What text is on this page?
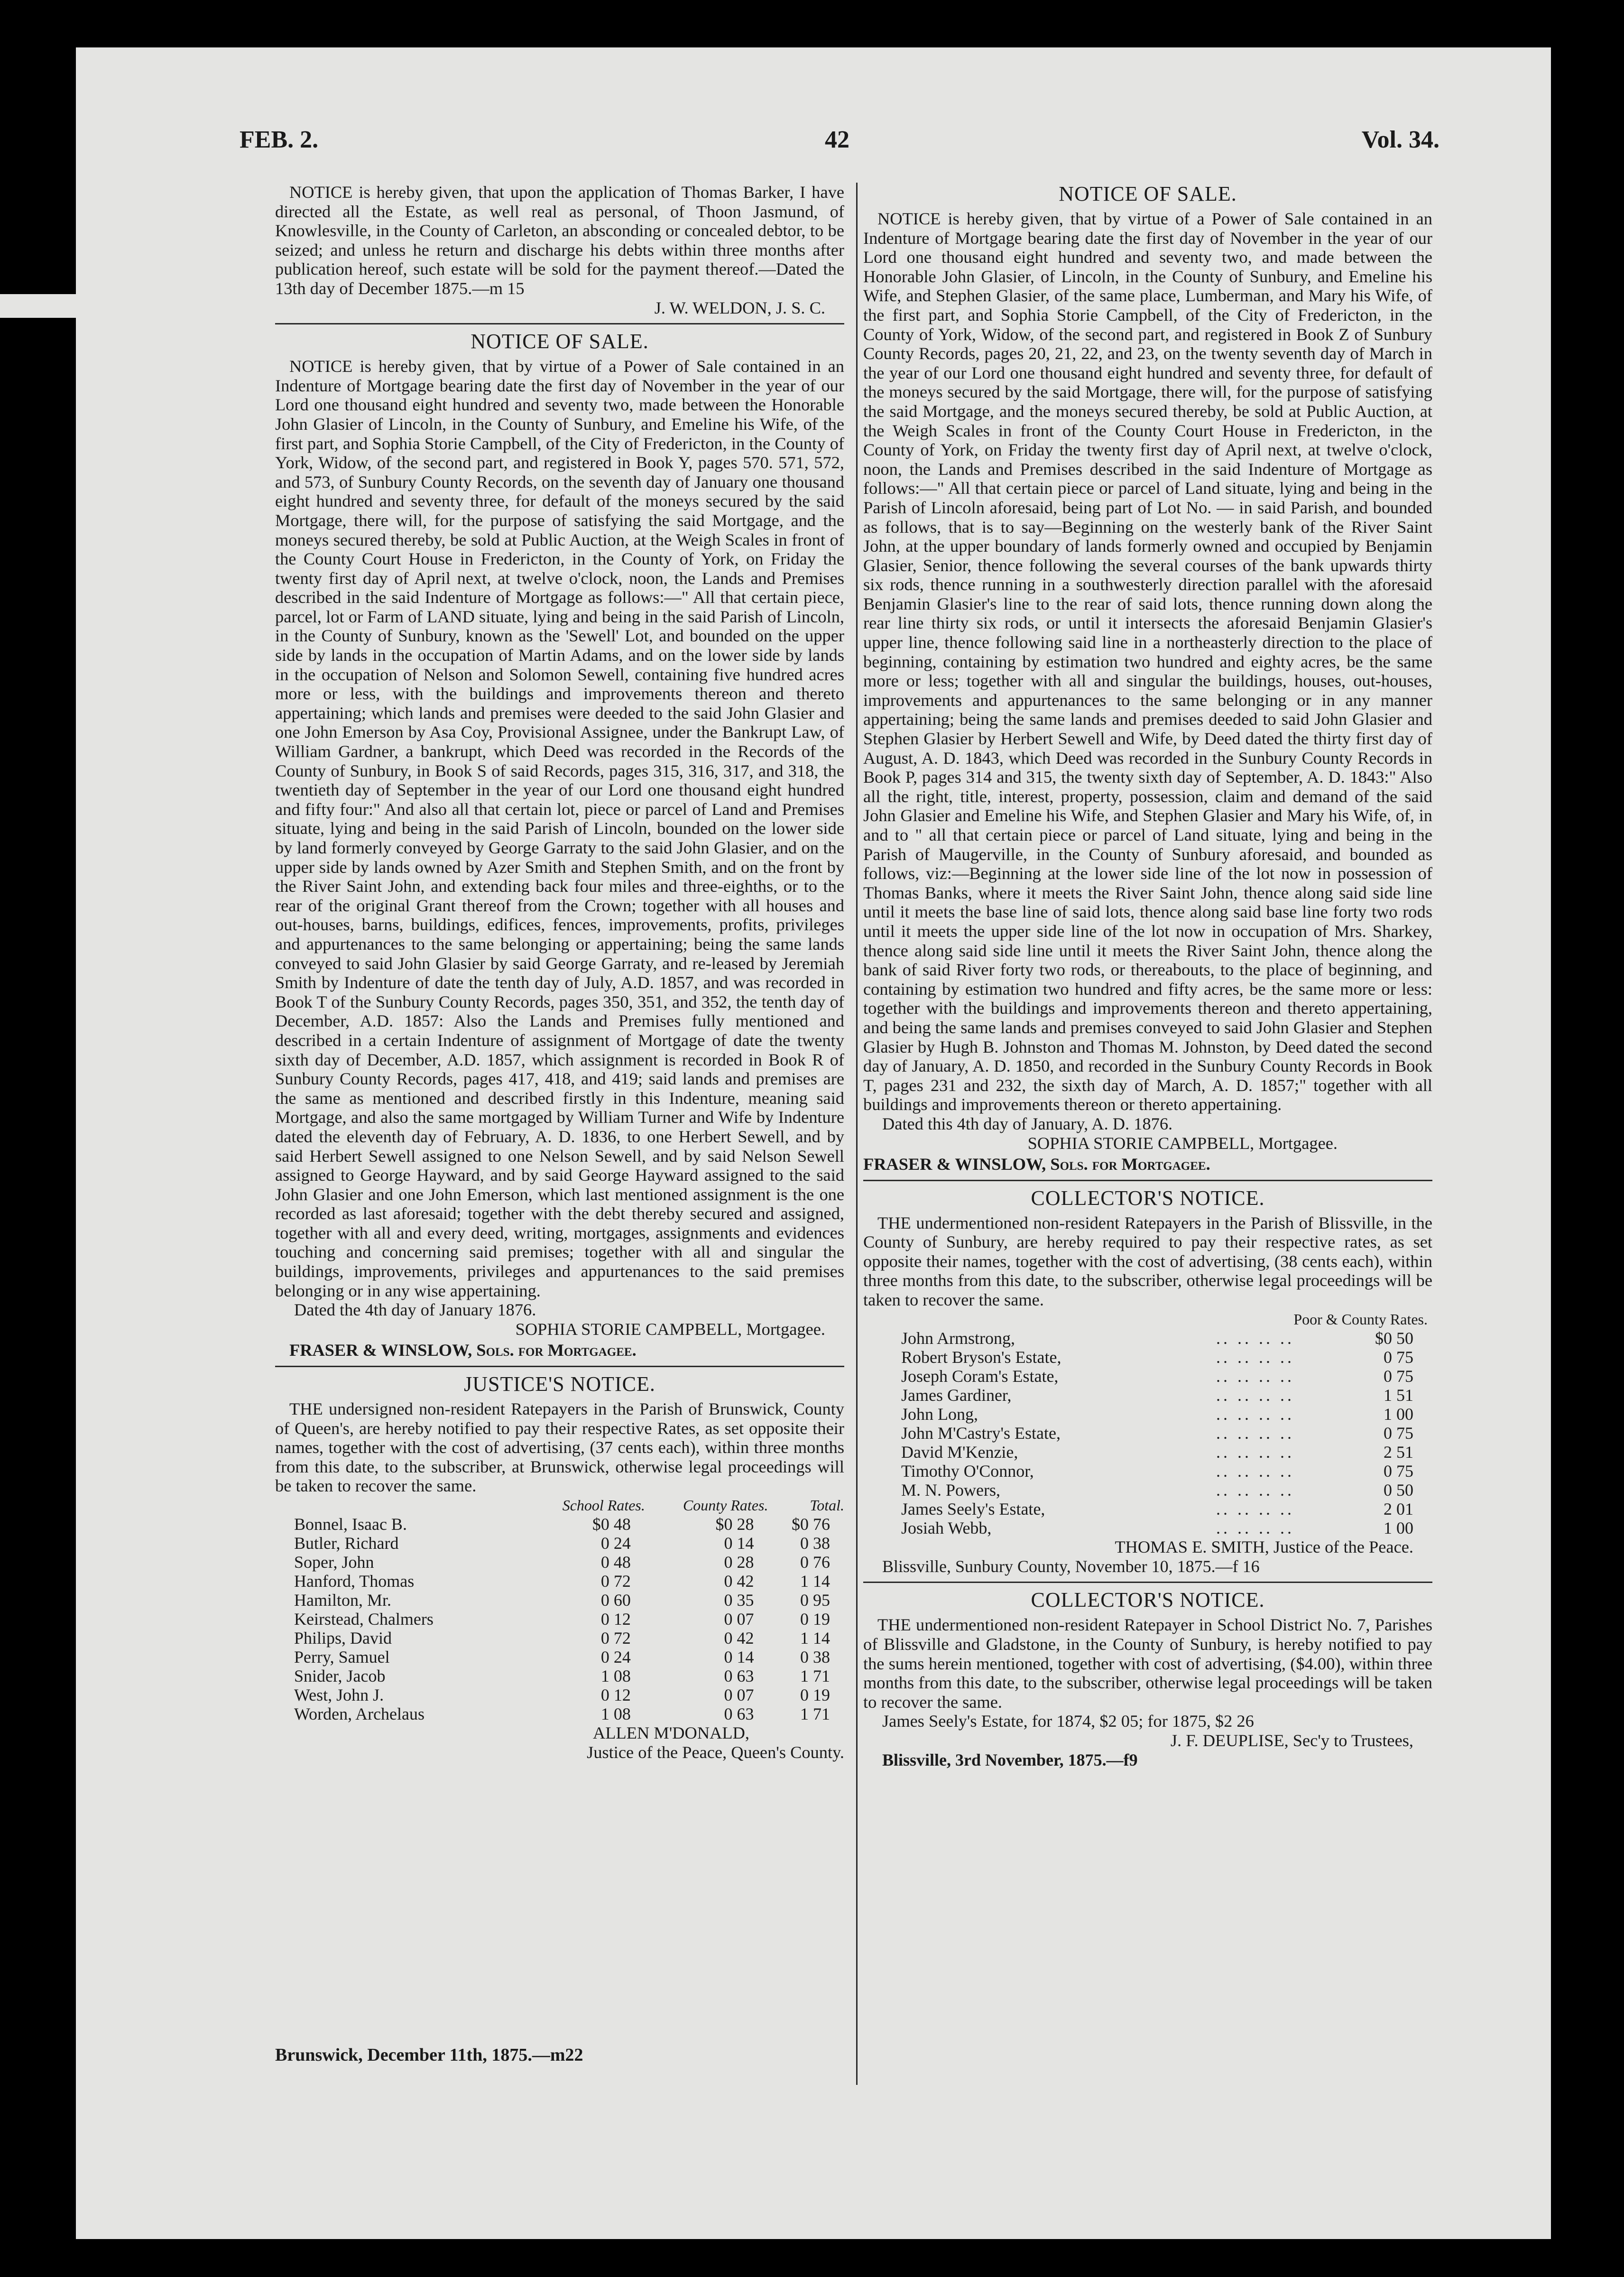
FEB. 2.	42	Vol. 34.

NOTICE is hereby given, that upon the application of Thomas Barker, I have directed all the Estate, as well real as personal, of Thoon Jasmund, of Knowlesville, in the County of Carleton, an absconding or concealed debtor, to be seized; and unless he return and discharge his debts within three months after publication hereof, such estate will be sold for the payment thereof.—Dated the 13th day of December 1875.—m 15

J. W. WELDON, J. S. C.

NOTICE OF SALE.

NOTICE is hereby given, that by virtue of a Power of Sale contained in an Indenture of Mortgage bearing date the first day of November in the year of our Lord one thousand eight hundred and seventy two, made between the Honorable John Glasier of Lincoln, in the County of Sunbury, and Emeline his Wife, of the first part, and Sophia Storie Campbell, of the City of Fredericton, in the County of York, Widow, of the second part, and registered in Book Y, pages 570. 571, 572, and 573, of Sunbury County Records, on the seventh day of January one thousand eight hundred and seventy three, for default of the moneys secured by the said Mortgage, there will, for the purpose of satisfying the said Mortgage, and the moneys secured thereby, be sold at Public Auction, at the Weigh Scales in front of the County Court House in Fredericton, in the County of York, on Friday the twenty first day of April next, at twelve o'clock, noon, the Lands and Premises described in the said Indenture of Mortgage as follows:—" All that certain piece, parcel, lot or Farm of LAND situate, lying and being in the said Parish of Lincoln, in the County of Sunbury, known as the 'Sewell' Lot, and bounded on the upper side by lands in the occupation of Martin Adams, and on the lower side by lands in the occupation of Nelson and Solomon Sewell, containing five hundred acres more or less, with the buildings and improvements thereon and thereto appertaining; which lands and premises were deeded to the said John Glasier and one John Emerson by Asa Coy, Provisional Assignee, under the Bankrupt Law, of William Gardner, a bankrupt, which Deed was recorded in the Records of the County of Sunbury, in Book S of said Records, pages 315, 316, 317, and 318, the twentieth day of September in the year of our Lord one thousand eight hundred and fifty four:" And also all that certain lot, piece or parcel of Land and Premises situate, lying and being in the said Parish of Lincoln, bounded on the lower side by land formerly conveyed by George Garraty to the said John Glasier, and on the upper side by lands owned by Azer Smith and Stephen Smith, and on the front by the River Saint John, and extending back four miles and three-eighths, or to the rear of the original Grant thereof from the Crown; together with all houses and out-houses, barns, buildings, edifices, fences, improvements, profits, privileges and appurtenances to the same belonging or appertaining; being the same lands conveyed to said John Glasier by said George Garraty, and re-leased by Jeremiah Smith by Indenture of date the tenth day of July, A.D. 1857, and was recorded in Book T of the Sunbury County Records, pages 350, 351, and 352, the tenth day of December, A.D. 1857: Also the Lands and Premises fully mentioned and described in a certain Indenture of assignment of Mortgage of date the twenty sixth day of December, A.D. 1857, which assignment is recorded in Book R of Sunbury County Records, pages 417, 418, and 419; said lands and premises are the same as mentioned and described firstly in this Indenture, meaning said Mortgage, and also the same mortgaged by William Turner and Wife by Indenture dated the eleventh day of February, A. D. 1836, to one Herbert Sewell, and by said Herbert Sewell assigned to one Nelson Sewell, and by said Nelson Sewell assigned to George Hayward, and by said George Hayward assigned to the said John Glasier and one John Emerson, which last mentioned assignment is the one recorded as last aforesaid; together with the debt thereby secured and assigned, together with all and every deed, writing, mortgages, assignments and evidences touching and concerning said premises; together with all and singular the buildings, improvements, privileges and appurtenances to the said premises belonging or in any wise appertaining.

Dated the 4th day of January 1876.

SOPHIA STORIE CAMPBELL, Mortgagee.

FRASER & WINSLOW, Sols. for Mortgagee.
JUSTICE'S NOTICE.

THE undersigned non-resident Ratepayers in the Parish of Brunswick, County of Queen's, are hereby notified to pay their respective Rates, as set opposite their names, together with the cost of advertising, (37 cents each), within three months from this date, to the subscriber, at Brunswick, otherwise legal proceedings will be taken to recover the same.

	School Rates.	County Rates.	Total.
Bonnel, Isaac B.	$0 48	$0 28	$0 76
Butler, Richard	0 24	0 14	0 38
Soper, John	0 48	0 28	0 76
Hanford, Thomas	0 72	0 42	1 14
Hamilton, Mr.	0 60	0 35	0 95
Keirstead, Chalmers	0 12	0 07	0 19
Philips, David	0 72	0 42	1 14
Perry, Samuel	0 24	0 14	0 38
Snider, Jacob	1 08	0 63	1 71
West, John J.	0 12	0 07	0 19
Worden, Archelaus	1 08	0 63	1 71

ALLEN M'DONALD,

Justice of the Peace, Queen's County.

Brunswick, December 11th, 1875.—m22
NOTICE OF SALE.

NOTICE is hereby given, that by virtue of a Power of Sale contained in an Indenture of Mortgage bearing date the first day of November in the year of our Lord one thousand eight hundred and seventy two, and made between the Honorable John Glasier, of Lincoln, in the County of Sunbury, and Emeline his Wife, and Stephen Glasier, of the same place, Lumberman, and Mary his Wife, of the first part, and Sophia Storie Campbell, of the City of Fredericton, in the County of York, Widow, of the second part, and registered in Book Z of Sunbury County Records, pages 20, 21, 22, and 23, on the twenty seventh day of March in the year of our Lord one thousand eight hundred and seventy three, for default of the moneys secured by the said Mortgage, there will, for the purpose of satisfying the said Mortgage, and the moneys secured thereby, be sold at Public Auction, at the Weigh Scales in front of the County Court House in Fredericton, in the County of York, on Friday the twenty first day of April next, at twelve o'clock, noon, the Lands and Premises described in the said Indenture of Mortgage as follows:—" All that certain piece or parcel of Land situate, lying and being in the Parish of Lincoln aforesaid, being part of Lot No. — in said Parish, and bounded as follows, that is to say—Beginning on the westerly bank of the River Saint John, at the upper boundary of lands formerly owned and occupied by Benjamin Glasier, Senior, thence following the several courses of the bank upwards thirty six rods, thence running in a southwesterly direction parallel with the aforesaid Benjamin Glasier's line to the rear of said lots, thence running down along the rear line thirty six rods, or until it intersects the aforesaid Benjamin Glasier's upper line, thence following said line in a northeasterly direction to the place of beginning, containing by estimation two hundred and eighty acres, be the same more or less; together with all and singular the buildings, houses, out-houses, improvements and appurtenances to the same belonging or in any manner appertaining; being the same lands and premises deeded to said John Glasier and Stephen Glasier by Herbert Sewell and Wife, by Deed dated the thirty first day of August, A. D. 1843, which Deed was recorded in the Sunbury County Records in Book P, pages 314 and 315, the twenty sixth day of September, A. D. 1843:" Also all the right, title, interest, property, possession, claim and demand of the said John Glasier and Emeline his Wife, and Stephen Glasier and Mary his Wife, of, in and to " all that certain piece or parcel of Land situate, lying and being in the Parish of Maugerville, in the County of Sunbury aforesaid, and bounded as follows, viz:—Beginning at the lower side line of the lot now in possession of Thomas Banks, where it meets the River Saint John, thence along said side line until it meets the base line of said lots, thence along said base line forty two rods until it meets the upper side line of the lot now in occupation of Mrs. Sharkey, thence along said side line until it meets the River Saint John, thence along the bank of said River forty two rods, or thereabouts, to the place of beginning, and containing by estimation two hundred and fifty acres, be the same more or less: together with the buildings and improvements thereon and thereto appertaining, and being the same lands and premises conveyed to said John Glasier and Stephen Glasier by Hugh B. Johnston and Thomas M. Johnston, by Deed dated the second day of January, A. D. 1850, and recorded in the Sunbury County Records in Book T, pages 231 and 232, the sixth day of March, A. D. 1857;" together with all buildings and improvements thereon or thereto appertaining.

Dated this 4th day of January, A. D. 1876.

SOPHIA STORIE CAMPBELL, Mortgagee.

FRASER & WINSLOW, Sols. for Mortgagee.
COLLECTOR'S NOTICE.

THE undermentioned non-resident Ratepayers in the Parish of Blissville, in the County of Sunbury, are hereby required to pay their respective rates, as set opposite their names, together with the cost of advertising, (38 cents each), within three months from this date, to the subscriber, otherwise legal proceedings will be taken to recover the same.

Poor & County Rates.
John Armstrong,	.. .. .. ..	$0 50
Robert Bryson's Estate,	.. .. .. ..	0 75
Joseph Coram's Estate,	.. .. .. ..	0 75
James Gardiner,	.. .. .. ..	1 51
John Long,	.. .. .. ..	1 00
John M'Castry's Estate,	.. .. .. ..	0 75
David M'Kenzie,	.. .. .. ..	2 51
Timothy O'Connor,	.. .. .. ..	0 75
M. N. Powers,	.. .. .. ..	0 50
James Seely's Estate,	.. .. .. ..	2 01
Josiah Webb,	.. .. .. ..	1 00

THOMAS E. SMITH, Justice of the Peace.

Blissville, Sunbury County, November 10, 1875.—f 16

COLLECTOR'S NOTICE.

THE undermentioned non-resident Ratepayer in School District No. 7, Parishes of Blissville and Gladstone, in the County of Sunbury, is hereby notified to pay the sums herein mentioned, together with cost of advertising, ($4.00), within three months from this date, to the subscriber, otherwise legal proceedings will be taken to recover the same.

James Seely's Estate, for 1874, $2 05; for 1875, $2 26

J. F. DEUPLISE, Sec'y to Trustees,

Blissville, 3rd November, 1875.—f9
